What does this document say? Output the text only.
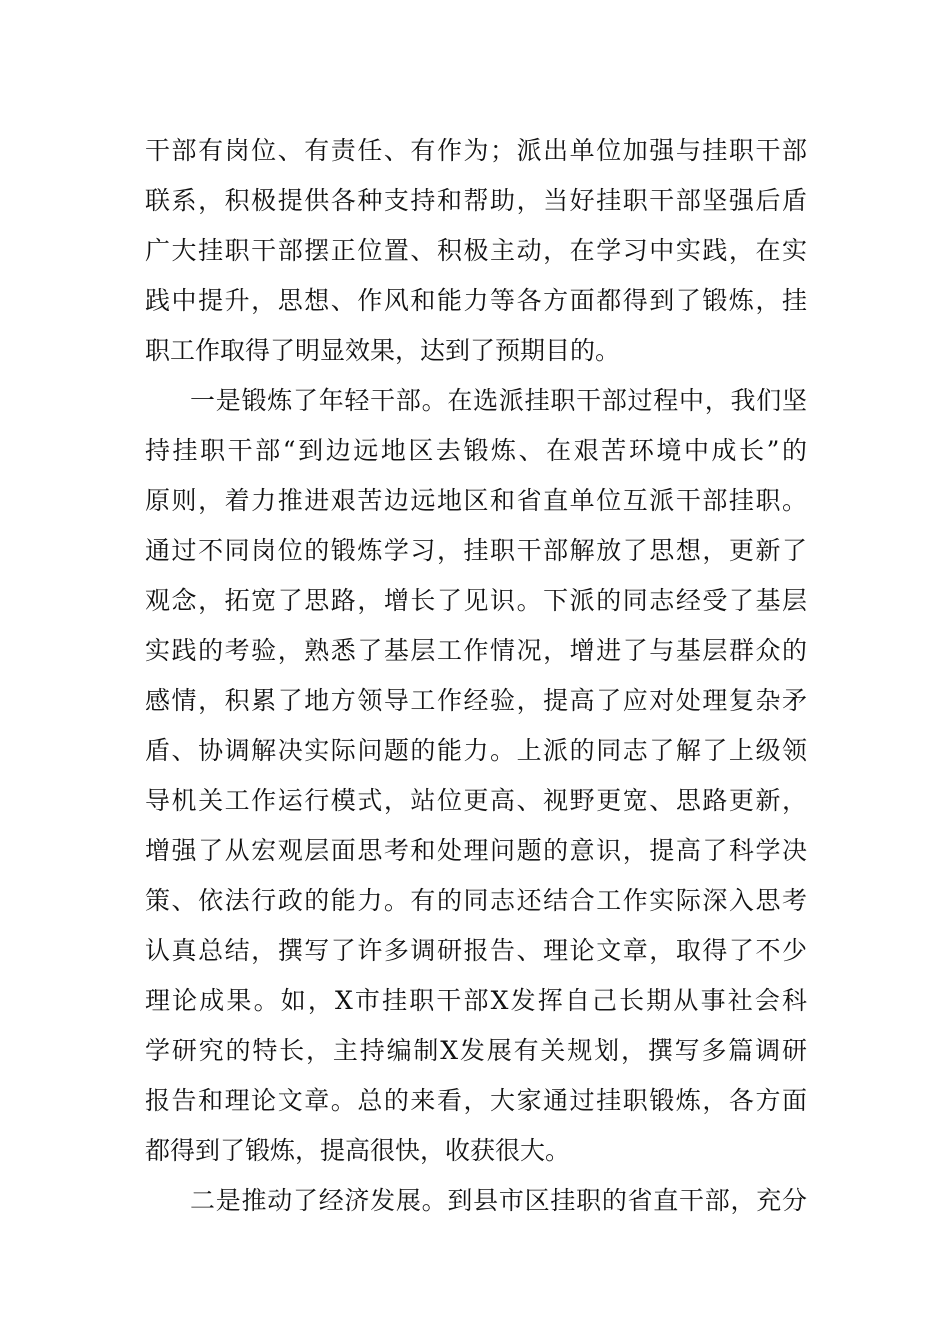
干部有岗位、有责任、有作为；派出单位加强与挂职干部
联系，积极提供各种支持和帮助，当好挂职干部坚强后盾
广大挂职干部摆正位置、积极主动，在学习中实践，在实
践中提升，思想、作风和能力等各方面都得到了锻炼，挂
职工作取得了明显效果，达到了预期目的。
一是锻炼了年轻干部。在选派挂职干部过程中，我们坚
持挂职干部“到边远地区去锻炼、在艰苦环境中成长”的
原则，着力推进艰苦边远地区和省直单位互派干部挂职。
通过不同岗位的锻炼学习，挂职干部解放了思想，更新了
观念，拓宽了思路，增长了见识。下派的同志经受了基层
实践的考验，熟悉了基层工作情况，增进了与基层群众的
感情，积累了地方领导工作经验，提高了应对处理复杂矛
盾、协调解决实际问题的能力。上派的同志了解了上级领
导机关工作运行模式，站位更高、视野更宽、思路更新，
增强了从宏观层面思考和处理问题的意识，提高了科学决
策、依法行政的能力。有的同志还结合工作实际深入思考
认真总结，撰写了许多调研报告、理论文章，取得了不少
理论成果。如，X市挂职干部X发挥自己长期从事社会科
学研究的特长，主持编制X发展有关规划，撰写多篇调研
报告和理论文章。总的来看，大家通过挂职锻炼，各方面
都得到了锻炼，提高很快，收获很大。
二是推动了经济发展。到县市区挂职的省直干部，充分
